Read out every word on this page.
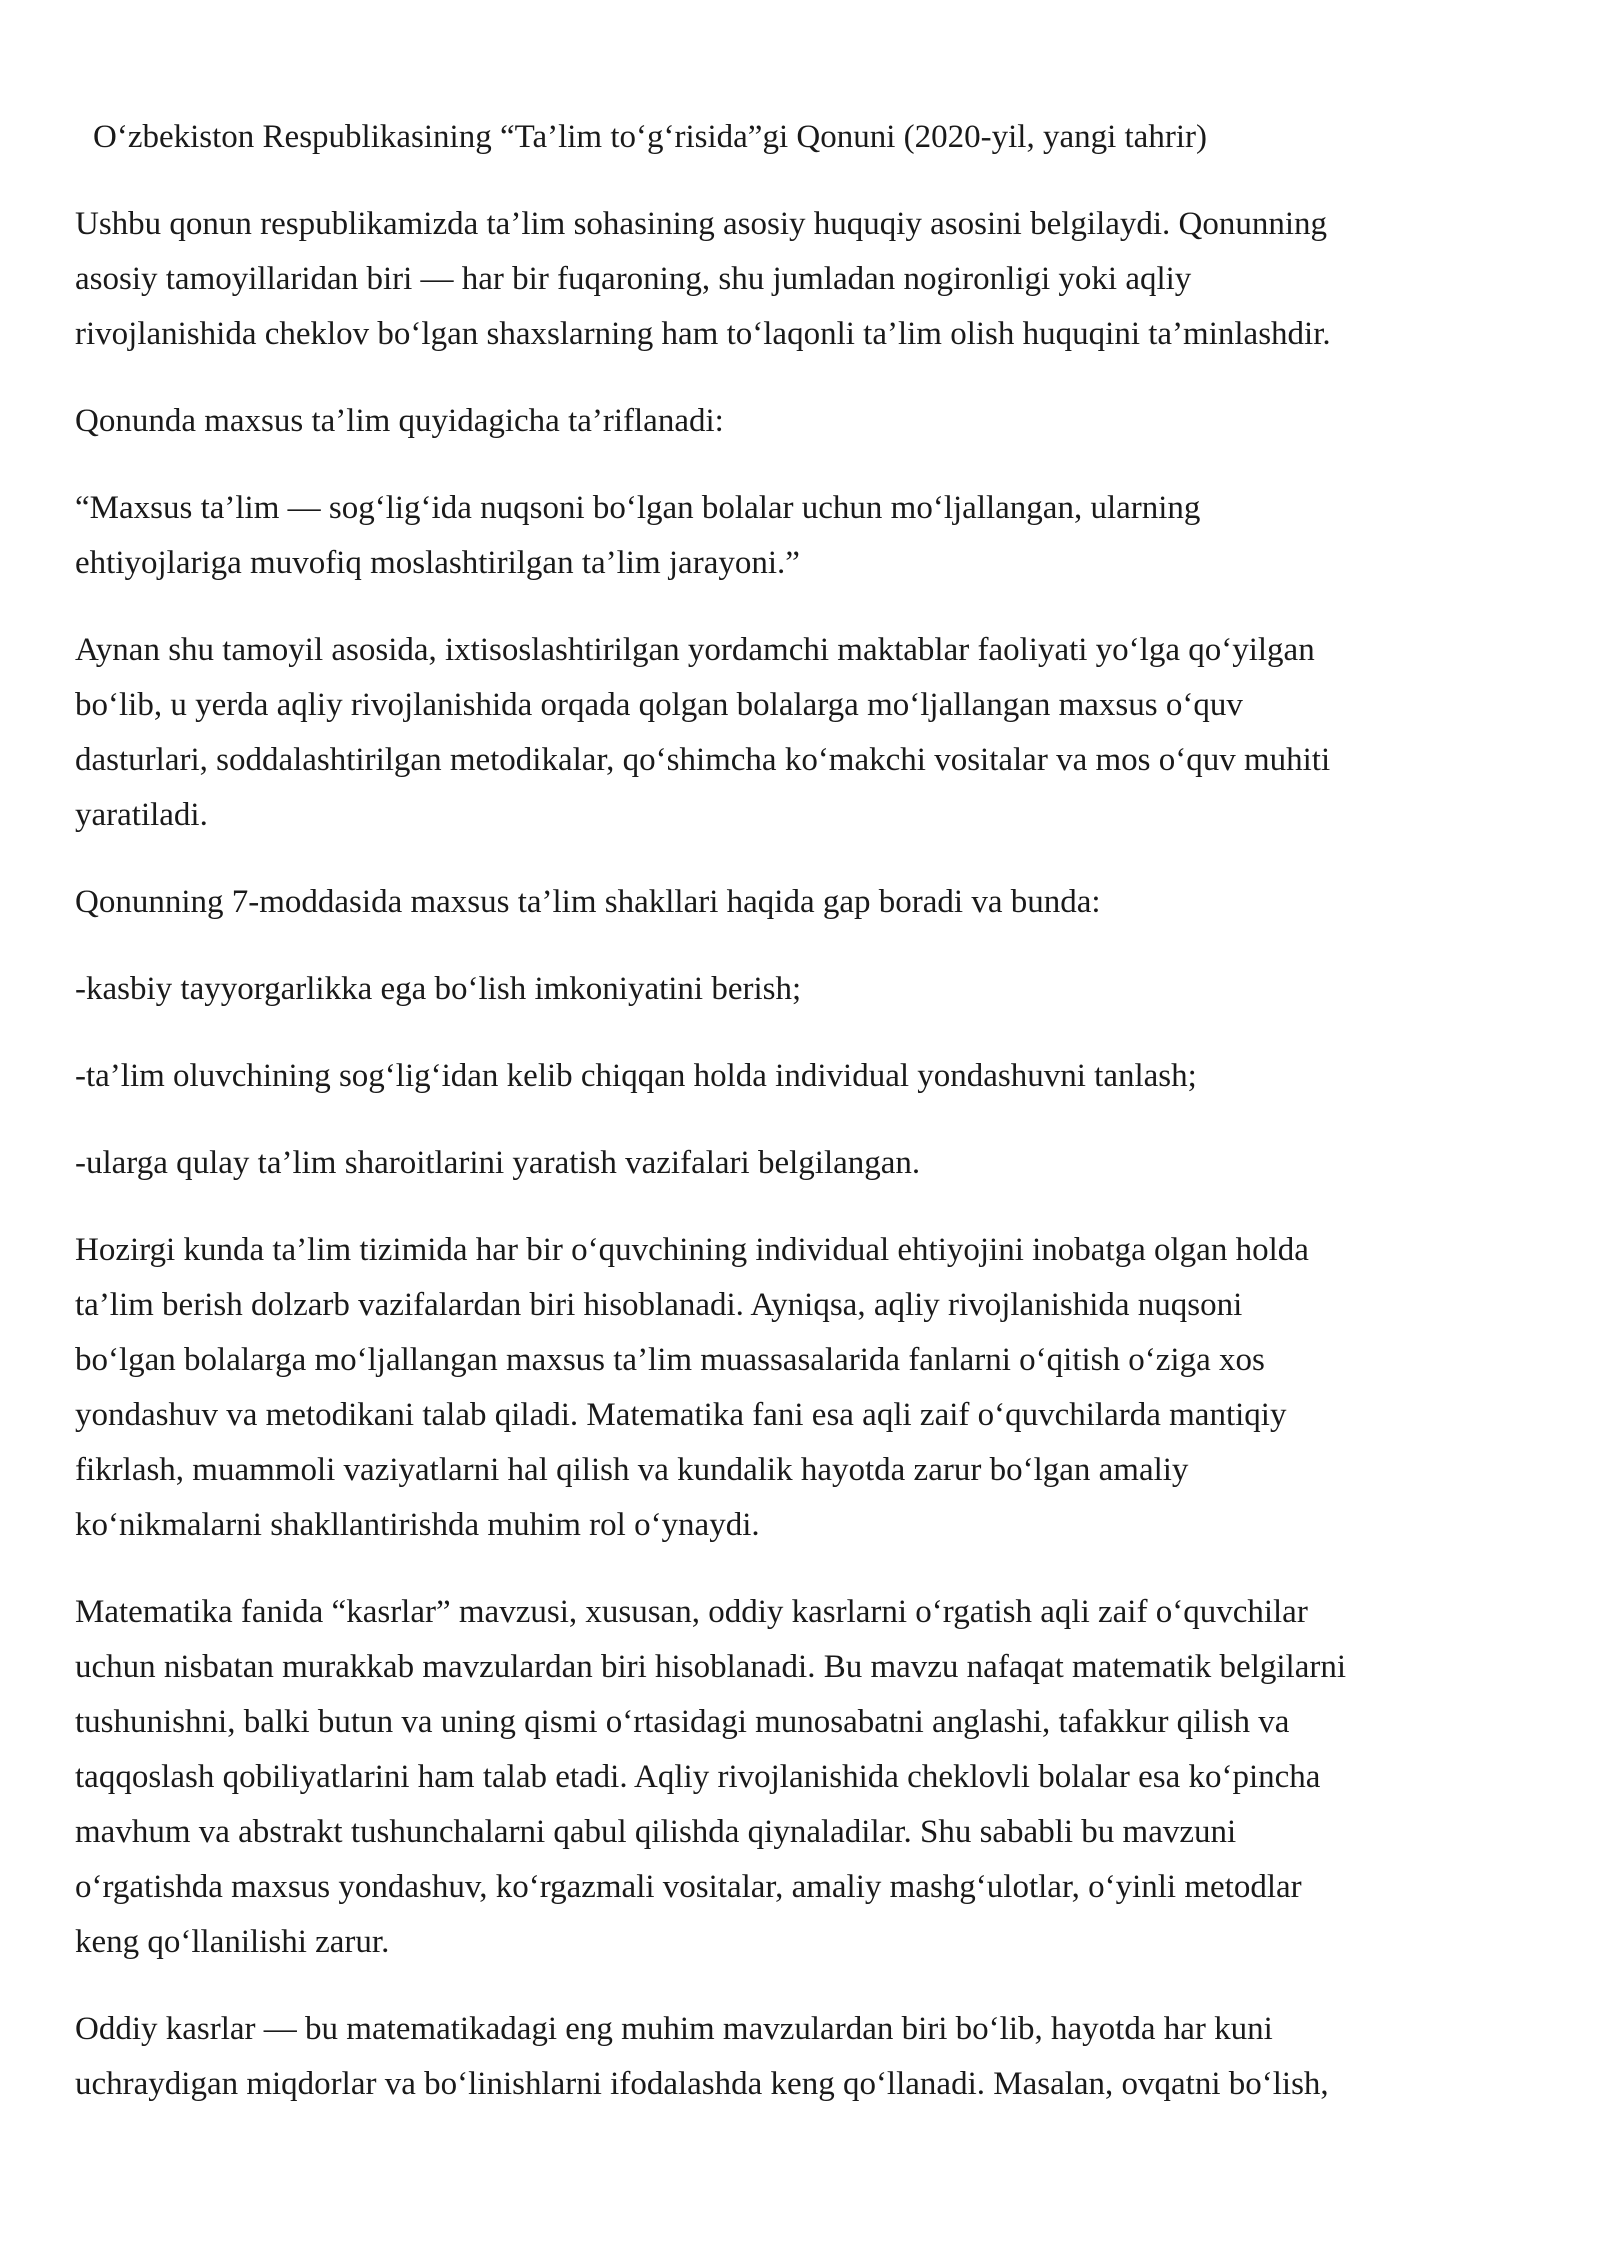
O‘zbekiston Respublikasining “Ta’lim to‘g‘risida”gi Qonuni (2020-yil, yangi tahrir)
Ushbu qonun respublikamizda ta’lim sohasining asosiy huquqiy asosini belgilaydi. Qonunning
asosiy tamoyillaridan biri — har bir fuqaroning, shu jumladan nogironligi yoki aqliy
rivojlanishida cheklov bo‘lgan shaxslarning ham to‘laqonli ta’lim olish huquqini ta’minlashdir.
Qonunda maxsus ta’lim quyidagicha ta’riflanadi:
“Maxsus ta’lim — sog‘lig‘ida nuqsoni bo‘lgan bolalar uchun mo‘ljallangan, ularning
ehtiyojlariga muvofiq moslashtirilgan ta’lim jarayoni.”
Aynan shu tamoyil asosida, ixtisoslashtirilgan yordamchi maktablar faoliyati yo‘lga qo‘yilgan
bo‘lib, u yerda aqliy rivojlanishida orqada qolgan bolalarga mo‘ljallangan maxsus o‘quv
dasturlari, soddalashtirilgan metodikalar, qo‘shimcha ko‘makchi vositalar va mos o‘quv muhiti
yaratiladi.
Qonunning 7-moddasida maxsus ta’lim shakllari haqida gap boradi va bunda:
-kasbiy tayyorgarlikka ega bo‘lish imkoniyatini berish;
-ta’lim oluvchining sog‘lig‘idan kelib chiqqan holda individual yondashuvni tanlash;
-ularga qulay ta’lim sharoitlarini yaratish vazifalari belgilangan.
Hozirgi kunda ta’lim tizimida har bir o‘quvchining individual ehtiyojini inobatga olgan holda
ta’lim berish dolzarb vazifalardan biri hisoblanadi. Ayniqsa, aqliy rivojlanishida nuqsoni
bo‘lgan bolalarga mo‘ljallangan maxsus ta’lim muassasalarida fanlarni o‘qitish o‘ziga xos
yondashuv va metodikani talab qiladi. Matematika fani esa aqli zaif o‘quvchilarda mantiqiy
fikrlash, muammoli vaziyatlarni hal qilish va kundalik hayotda zarur bo‘lgan amaliy
ko‘nikmalarni shakllantirishda muhim rol o‘ynaydi.
Matematika fanida “kasrlar” mavzusi, xususan, oddiy kasrlarni o‘rgatish aqli zaif o‘quvchilar
uchun nisbatan murakkab mavzulardan biri hisoblanadi. Bu mavzu nafaqat matematik belgilarni
tushunishni, balki butun va uning qismi o‘rtasidagi munosabatni anglashi, tafakkur qilish va
taqqoslash qobiliyatlarini ham talab etadi. Aqliy rivojlanishida cheklovli bolalar esa ko‘pincha
mavhum va abstrakt tushunchalarni qabul qilishda qiynaladilar. Shu sababli bu mavzuni
o‘rgatishda maxsus yondashuv, ko‘rgazmali vositalar, amaliy mashg‘ulotlar, o‘yinli metodlar
keng qo‘llanilishi zarur.
Oddiy kasrlar — bu matematikadagi eng muhim mavzulardan biri bo‘lib, hayotda har kuni
uchraydigan miqdorlar va bo‘linishlarni ifodalashda keng qo‘llanadi. Masalan, ovqatni bo‘lish,
